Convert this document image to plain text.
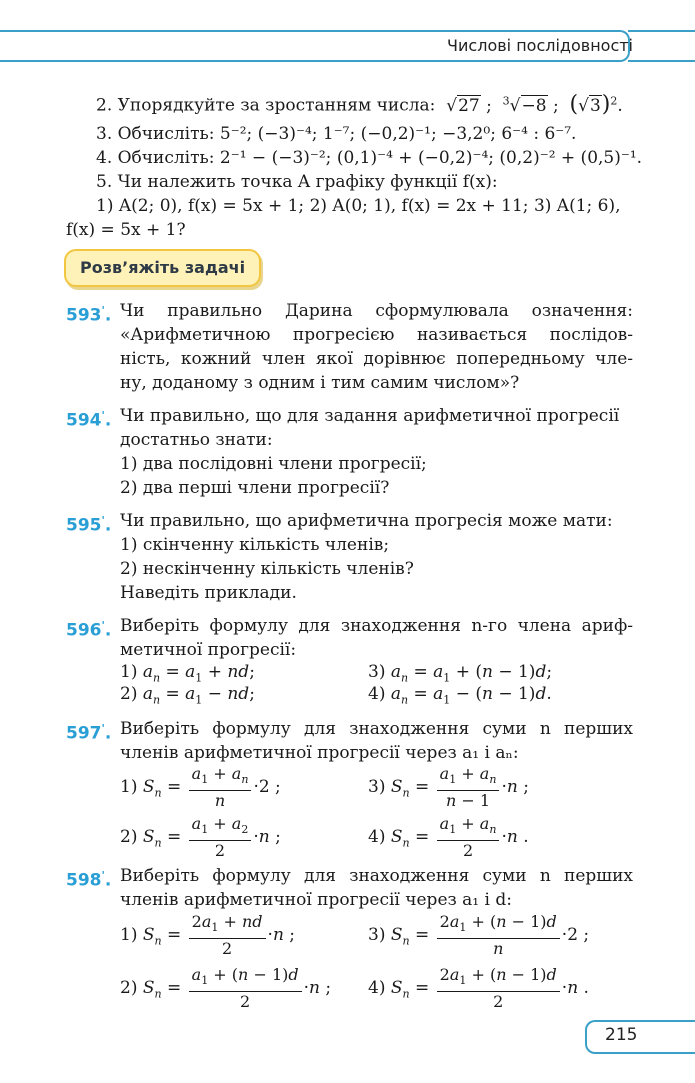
Числові послідовності
2. Упорядкуйте за зростанням числа:  √27 ;  $^3$√−8 ;  $(√3)^2$.
3. Обчисліть: 5⁻²; (−3)⁻⁴; 1⁻⁷; (−0,2)⁻¹; −3,2⁰; 6⁻⁴ : 6⁻⁷.
4. Обчисліть: 2⁻¹ − (−3)⁻²; (0,1)⁻⁴ + (−0,2)⁻⁴; (0,2)⁻² + (0,5)⁻¹.
5. Чи належить точка A графіку функції f(x):
1) A(2; 0), f(x) = 5x + 1; 2) A(0; 1), f(x) = 2x + 11; 3) A(1; 6),
f(x) = 5x + 1?
Розв’яжіть задачі
593'. Чи правильно Дарина сформулювала означення:
«Арифметичною прогресією називається послідов-
ність, кожний член якої дорівнює попередньому чле-
ну, доданому з одним і тим самим числом»?
594'. Чи правильно, що для задання арифметичної прогресії
достатньо знати:
1) два послідовні члени прогресії;
2) два перші члени прогресії?
595'. Чи правильно, що арифметична прогресія може мати:
1) скінченну кількість членів;
2) нескінченну кількість членів?
Наведіть приклади.
596'. Виберіть формулу для знаходження n-го члена ариф-
метичної прогресії:
1) $a_n = a_1$ + nd;	3) $a_n = a_1 + (n - 1)d$;
2) $a_n = a_1$ − nd;	4) $a_n = a_1 - (n - 1)d$.
597'. Виберіть формулу для знаходження суми n перших
членів арифметичної прогресії через a₁ і aₙ:
1) $S_n = \frac{a_1 + a_n}{n} \cdot 2$ ;	3) $S_n = \frac{a_1 + a_n}{n - 1} \cdot n$ ;
2) $S_n = \frac{a_1 + a_2}{2} \cdot n$ ;	4) $S_n = \frac{a_1 + a_n}{2} \cdot n$ .
598'. Виберіть формулу для знаходження суми n перших
членів арифметичної прогресії через a₁ і d:
1) $S_n = \frac{2a_1 + nd}{2} \cdot n$ ;	3) $S_n = \frac{2a_1 + (n - 1)d}{n} \cdot 2$ ;
2) $S_n = \frac{a_1 + (n - 1)d}{2} \cdot n$ ; 4) $S_n = \frac{2a_1 + (n - 1)d}{2} \cdot n$ .
215
